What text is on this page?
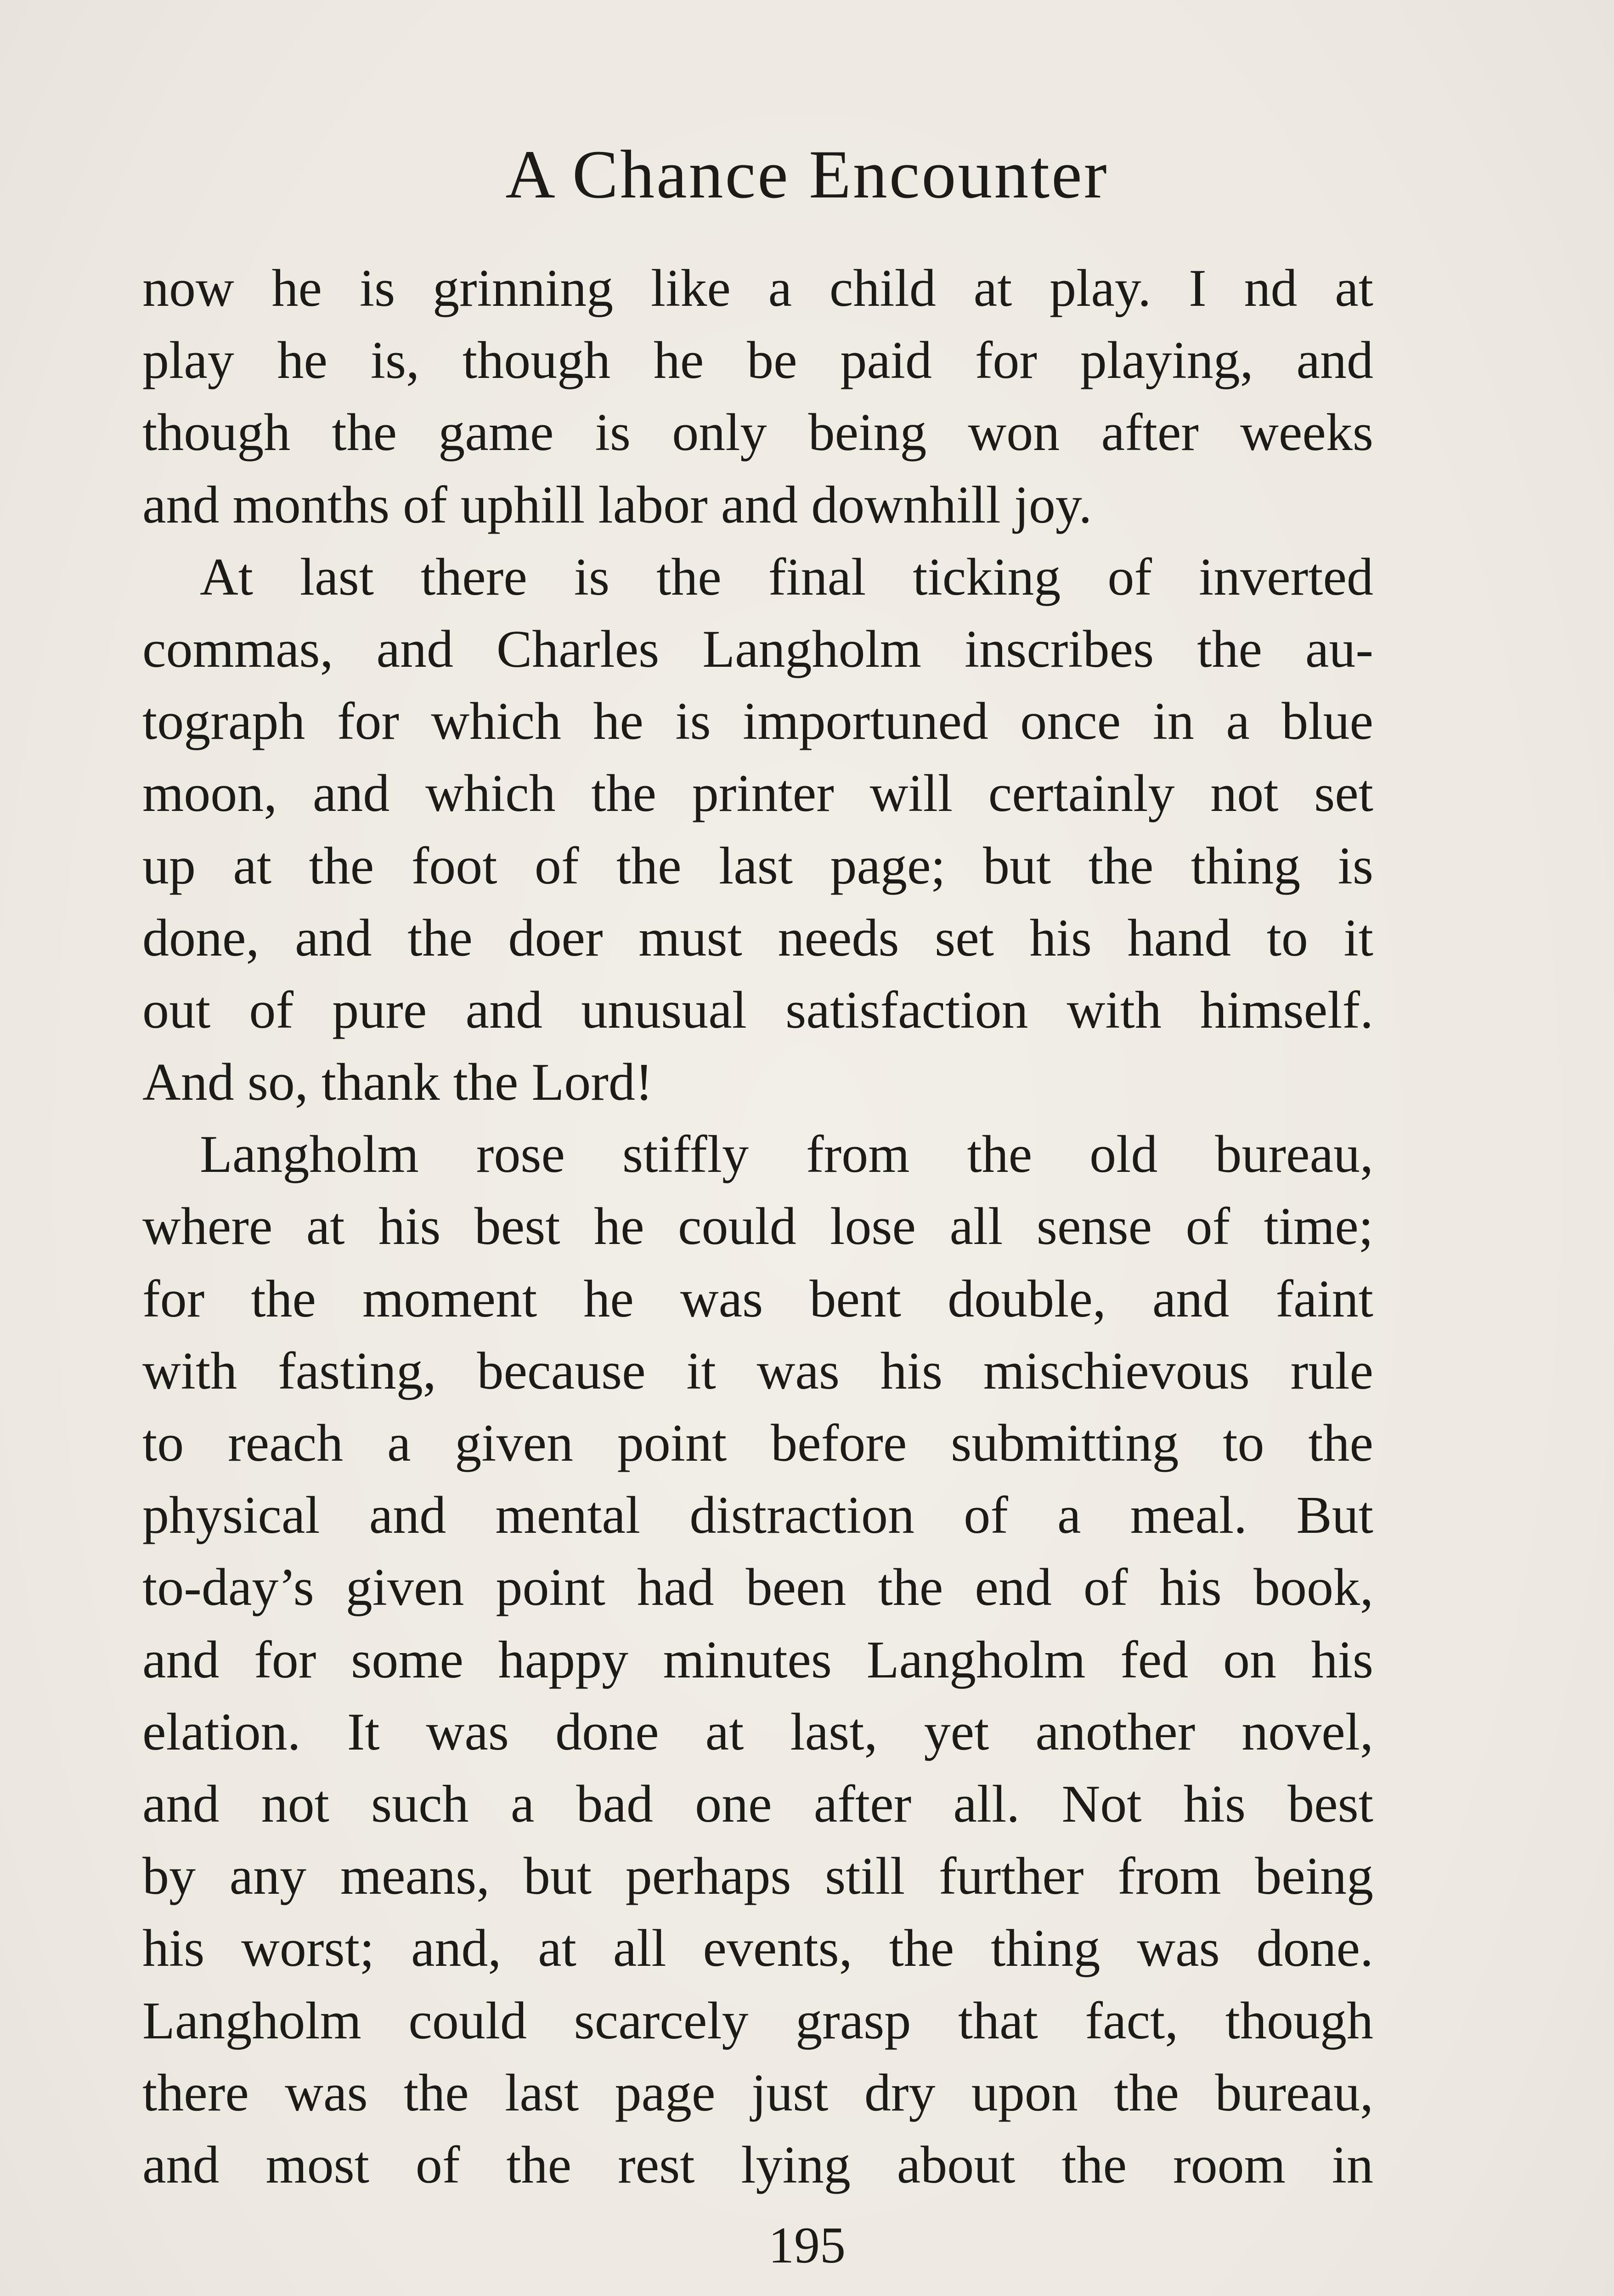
A Chance Encounter
now he is grinning like a child at play. І nd at
play he is, though he be paid for playing, and
though the game is only being won after weeks
and months of uphill labor and downhill joy.
At last there is the final ticking of inverted
commas, and Charles Langholm inscribes the au-
tograph for which he is importuned once in a blue
moon, and which the printer will certainly not set
up at the foot of the last page; but the thing is
done, and the doer must needs set his hand to it
out of pure and unusual satisfaction with himself.
And so, thank the Lord!
Langholm rose stiffly from the old bureau,
where at his best he could lose all sense of time;
for the moment he was bent double, and faint
with fasting, because it was his mischievous rule
to reach a given point before submitting to the
physical and mental distraction of a meal. But
to-day’s given point had been the end of his book,
and for some happy minutes Langholm fed on his
elation. It was done at last, yet another novel,
and not such a bad one after all. Not his best
by any means, but perhaps still further from being
his worst; and, at all events, the thing was done.
Langholm could scarcely grasp that fact, though
there was the last page just dry upon the bureau,
and most of the rest lying about the room in
195
